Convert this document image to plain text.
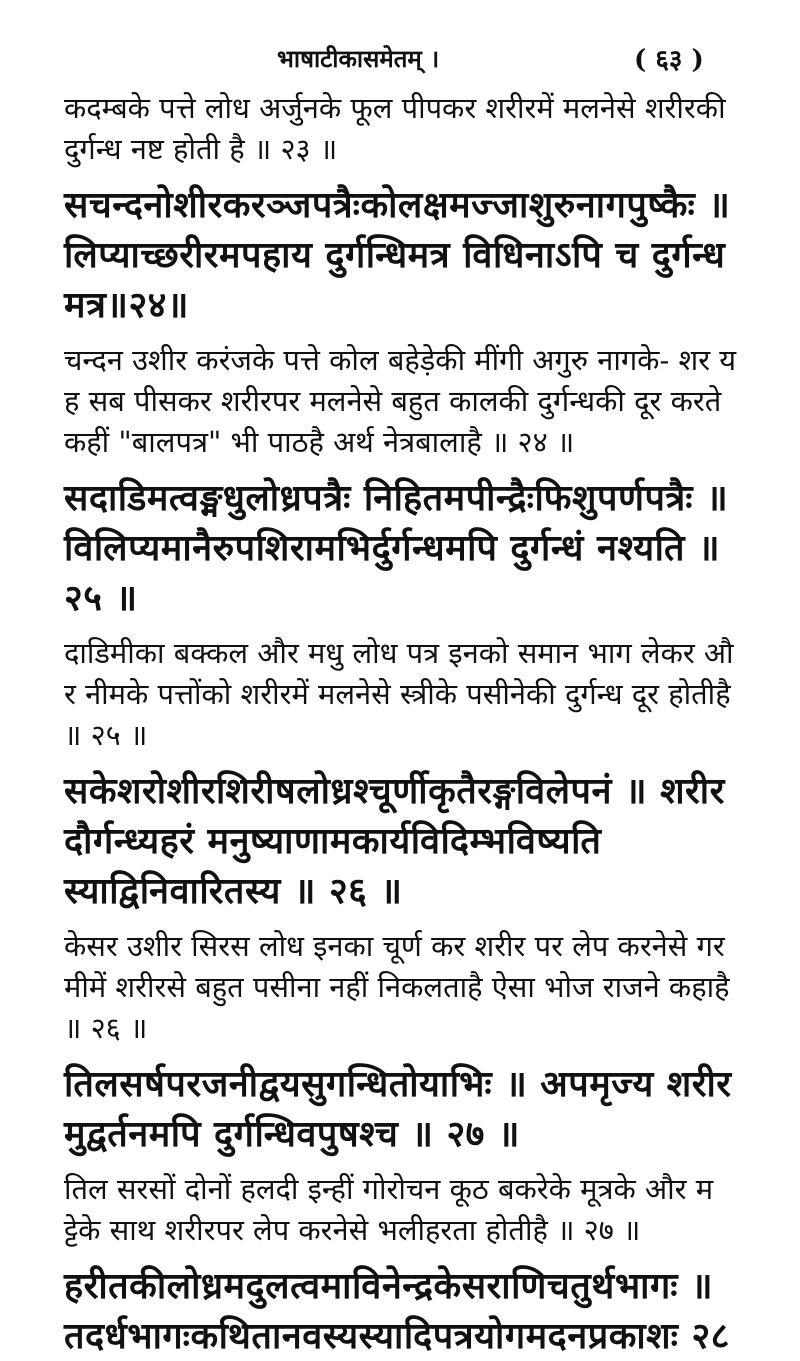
भाषाटीकासमेतम् ।	( ६३ )

कदम्बके पत्ते लोध अर्जुनके फूल पीपकर शरीरमें मलनेसे शरीरकी दुर्गन्ध नष्ट होती है ॥ २३ ॥

सचन्दनोशीरकरञ्जपत्रैःकोलक्षमज्जाशुरुनागपुष्कैः ॥ लिप्याच्छरीरमपहाय दुर्गन्धिमत्र विधिनाऽपि च दुर्गन्धमत्र॥२४॥

चन्दन उशीर करंजके पत्ते कोल बहेड़ेकी मींगी अगुरु नागके- शर यह सब पीसकर शरीरपर मलनेसे बहुत कालकी दुर्गन्धकी दूर करते कहीं "बालपत्र" भी पाठहै अर्थ नेत्रबालाहै ॥ २४ ॥

सदाडिमत्वङ्मधुलोध्रपत्रैः निहितमपीन्द्रैःफिशुपर्णपत्रैः ॥ विलिप्यमानैरुपशिरामभिर्दुर्गन्धमपि दुर्गन्धं नश्यति ॥ २५ ॥

दाडिमीका बक्कल और मधु लोध पत्र इनको समान भाग लेकर और नीमके पत्तोंको शरीरमें मलनेसे स्त्रीके पसीनेकी दुर्गन्ध दूर होतीहै ॥ २५ ॥

सकेशरोशीरशिरीषलोध्रश्चूर्णीकृतैरङ्गविलेपनं ॥ शरीरदौर्गन्ध्यहरं मनुष्याणामकार्यविदिम्भविष्यति स्याद्विनिवारितस्य ॥ २६ ॥

केसर उशीर सिरस लोध इनका चूर्ण कर शरीर पर लेप करनेसे गरमीमें शरीरसे बहुत पसीना नहीं निकलताहै ऐसा भोज राजने कहाहै ॥ २६ ॥

तिलसर्षपरजनीद्वयसुगन्धितोयाभिः ॥ अपमृज्य शरीरमुद्वर्तनमपि दुर्गन्धिवपुषश्च ॥ २७ ॥

तिल सरसों दोनों हलदी इन्हीं गोरोचन कूठ बकरेके मूत्रके और मट्टेके साथ शरीरपर लेप करनेसे भलीहरता होतीहै ॥ २७ ॥

हरीतकीलोध्रमदुलत्वमाविनेन्द्रकेसराणिचतुर्थभागः ॥ तदर्धभागःकथितानवस्यस्यादिपत्रयोगमदनप्रकाशः २८
